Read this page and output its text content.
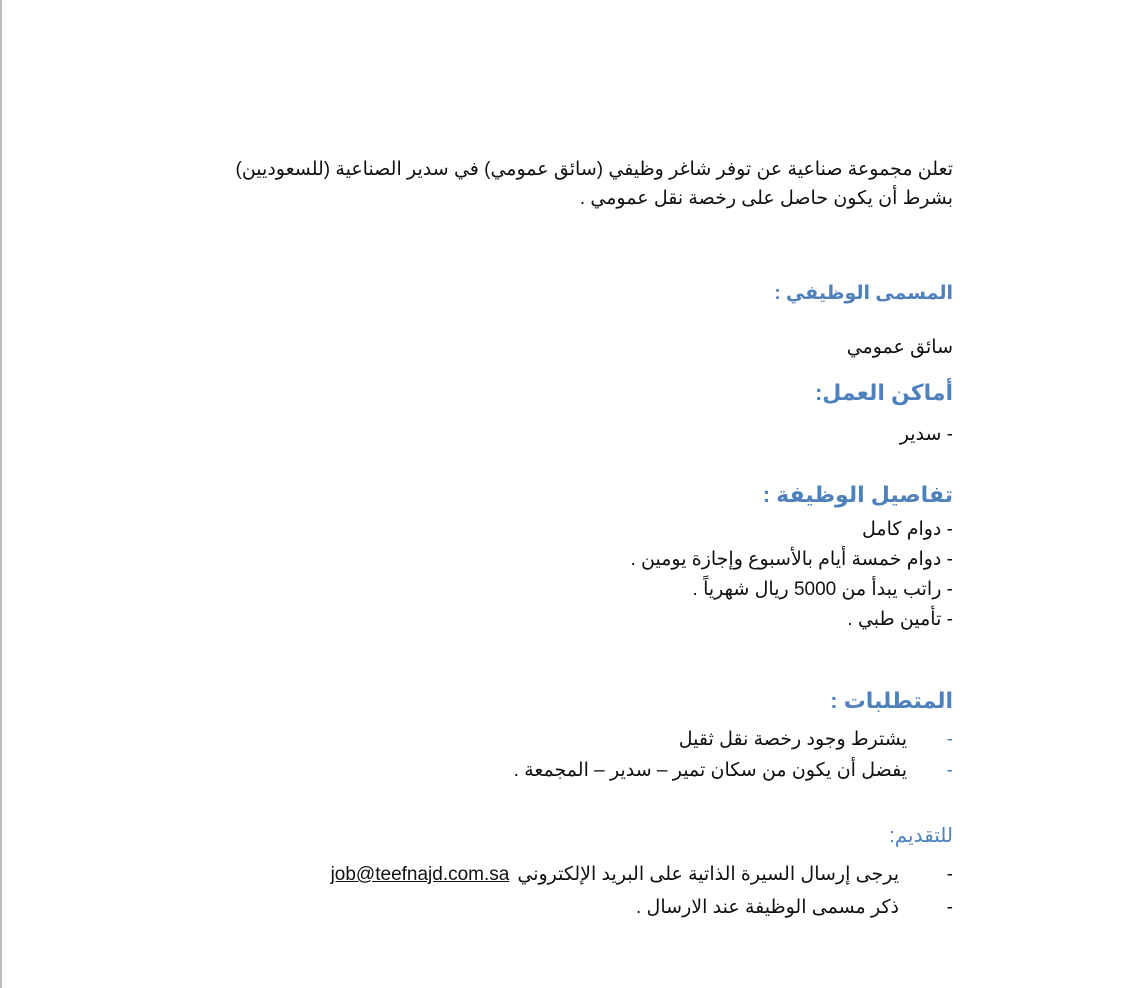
تعلن مجموعة صناعية عن توفر شاغر وظيفي (سائق عمومي) في سدير الصناعية (للسعوديين)
بشرط أن يكون حاصل على رخصة نقل عمومي .
المسمى الوظيفي :
سائق عمومي
أماكن العمل:
- سدير
تفاصيل الوظيفة :
- دوام كامل
- دوام خمسة أيام بالأسبوع وإجازة يومين .
- راتب يبدأ من 5000 ريال شهرياً .
- تأمين طبي .
المتطلبات :
-
يشترط وجود رخصة نقل ثقيل
-
يفضل أن يكون من سكان تمير – سدير – المجمعة .
للتقديم:
-
يرجى إرسال السيرة الذاتية على البريد الإلكتروني
job@teefnajd.com.sa
-
ذكر مسمى الوظيفة عند الارسال .
